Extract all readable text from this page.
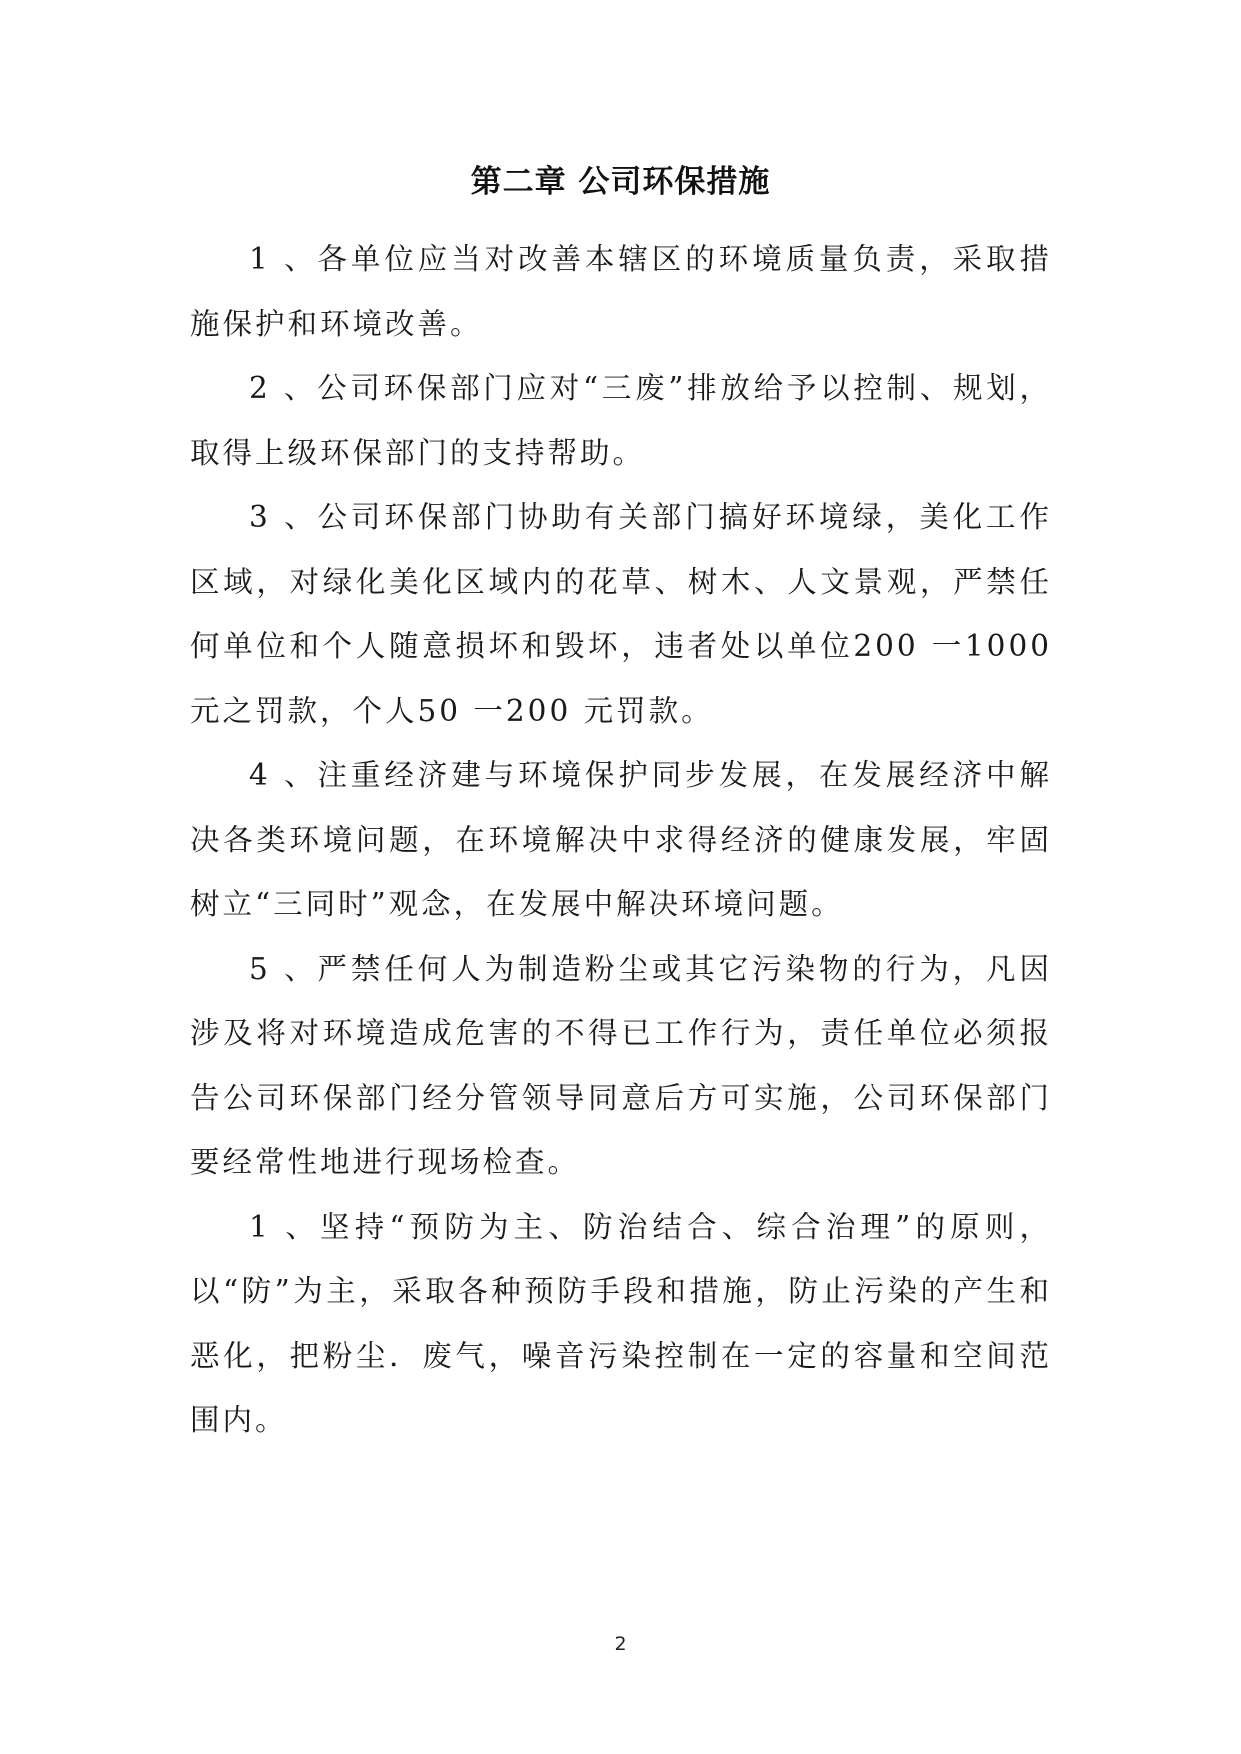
第二章 公司环保措施

1 、各单位应当对改善本辖区的环境质量负责，采取措施保护和环境改善。

2 、公司环保部门应对“三废”排放给予以控制、规划，取得上级环保部门的支持帮助。

3 、公司环保部门协助有关部门搞好环境绿，美化工作区域，对绿化美化区域内的花草、树木、人文景观，严禁任何单位和个人随意损坏和毁坏，违者处以单位200 一1000 元之罚款，个人50 一200 元罚款。

4 、注重经济建与环境保护同步发展，在发展经济中解决各类环境问题，在环境解决中求得经济的健康发展，牢固树立“三同时”观念，在发展中解决环境问题。

5 、严禁任何人为制造粉尘或其它污染物的行为，凡因涉及将对环境造成危害的不得已工作行为，责任单位必须报告公司环保部门经分管领导同意后方可实施，公司环保部门要经常性地进行现场检查。

1 、坚持“预防为主、防治结合、综合治理”的原则，以“防”为主，采取各种预防手段和措施，防止污染的产生和恶化，把粉尘．废气，噪音污染控制在一定的容量和空间范围内。

2
